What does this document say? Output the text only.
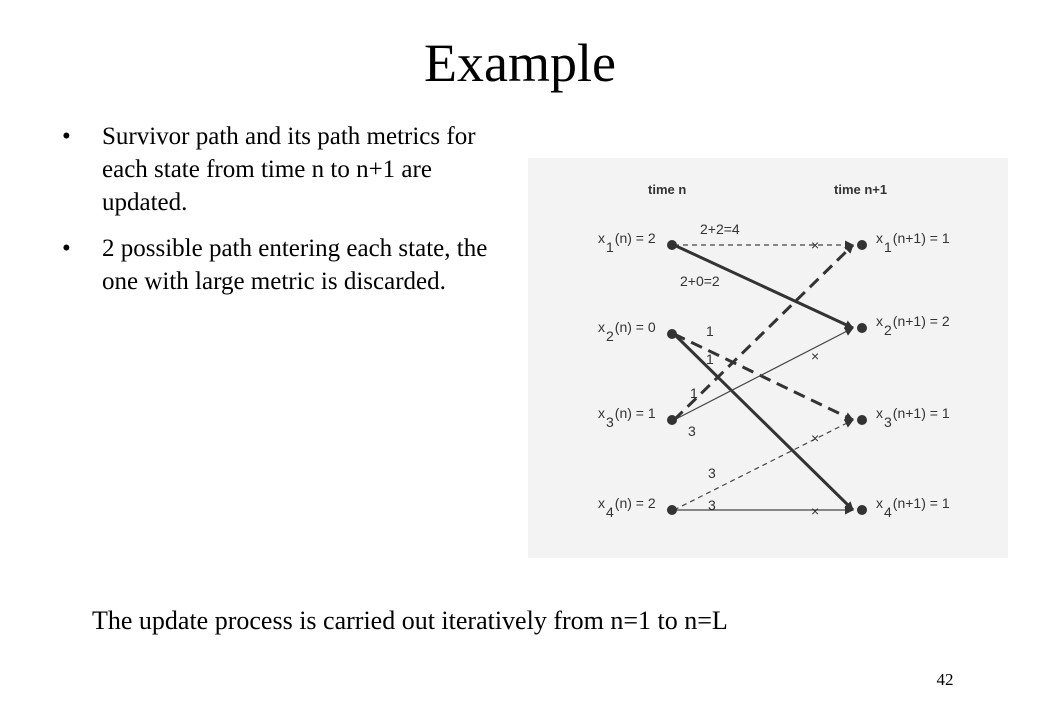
Example
• Survivor path and its path metrics for each state from time n to n+1 are updated.
• 2 possible path entering each state, the one with large metric is discarded.
time n	time n+1
×
×
×
×
2+2=4
2+0=2
1
1
1
3
3
3
x1(n) = 2
x2(n) = 0
x3(n) = 1
x4(n) = 2
x1(n+1) = 1
x2(n+1) = 2
x3(n+1) = 1
x4(n+1) = 1
The update process is carried out iteratively from n=1 to n=L
42
